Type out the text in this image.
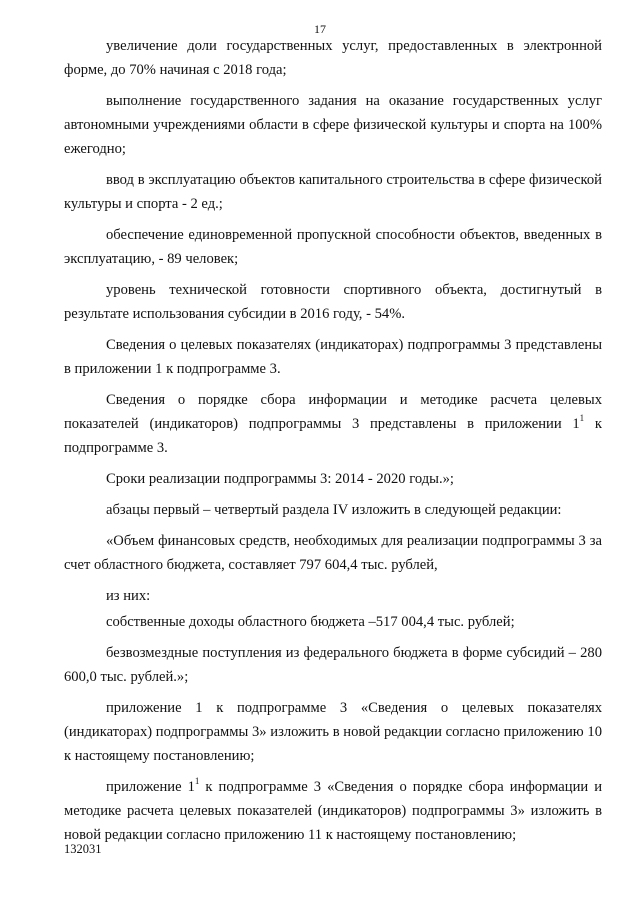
17

увеличение доли государственных услуг, предоставленных в электронной форме, до 70% начиная с 2018 года;

выполнение государственного задания на оказание государственных услуг автономными учреждениями области в сфере физической культуры и спорта на 100% ежегодно;

ввод в эксплуатацию объектов капитального строительства в сфере физической культуры и спорта - 2 ед.;

обеспечение единовременной пропускной способности объектов, введенных в эксплуатацию, - 89 человек;

уровень технической готовности спортивного объекта, достигнутый в результате использования субсидии в 2016 году, - 54%.

Сведения о целевых показателях (индикаторах) подпрограммы 3 представлены в приложении 1 к подпрограмме 3.

Сведения о порядке сбора информации и методике расчета целевых показателей (индикаторов) подпрограммы 3 представлены в приложении $1^1$ к подпрограмме 3.

Сроки реализации подпрограммы 3: 2014 - 2020 годы.»;

абзацы первый – четвертый раздела IV изложить в следующей редакции:

«Объем финансовых средств, необходимых для реализации подпрограммы 3 за счет областного бюджета, составляет 797 604,4 тыс. рублей,

из них:

собственные доходы областного бюджета –517 004,4 тыс. рублей;

безвозмездные поступления из федерального бюджета в форме субсидий – 280 600,0 тыс. рублей.»;

приложение 1 к подпрограмме 3 «Сведения о целевых показателях (индикаторах) подпрограммы 3» изложить в новой редакции согласно приложению 10 к настоящему постановлению;

приложение $1^1$ к подпрограмме 3 «Сведения о порядке сбора информации и методике расчета целевых показателей (индикаторов) подпрограммы 3» изложить в новой редакции согласно приложению 11 к настоящему постановлению;

132031
